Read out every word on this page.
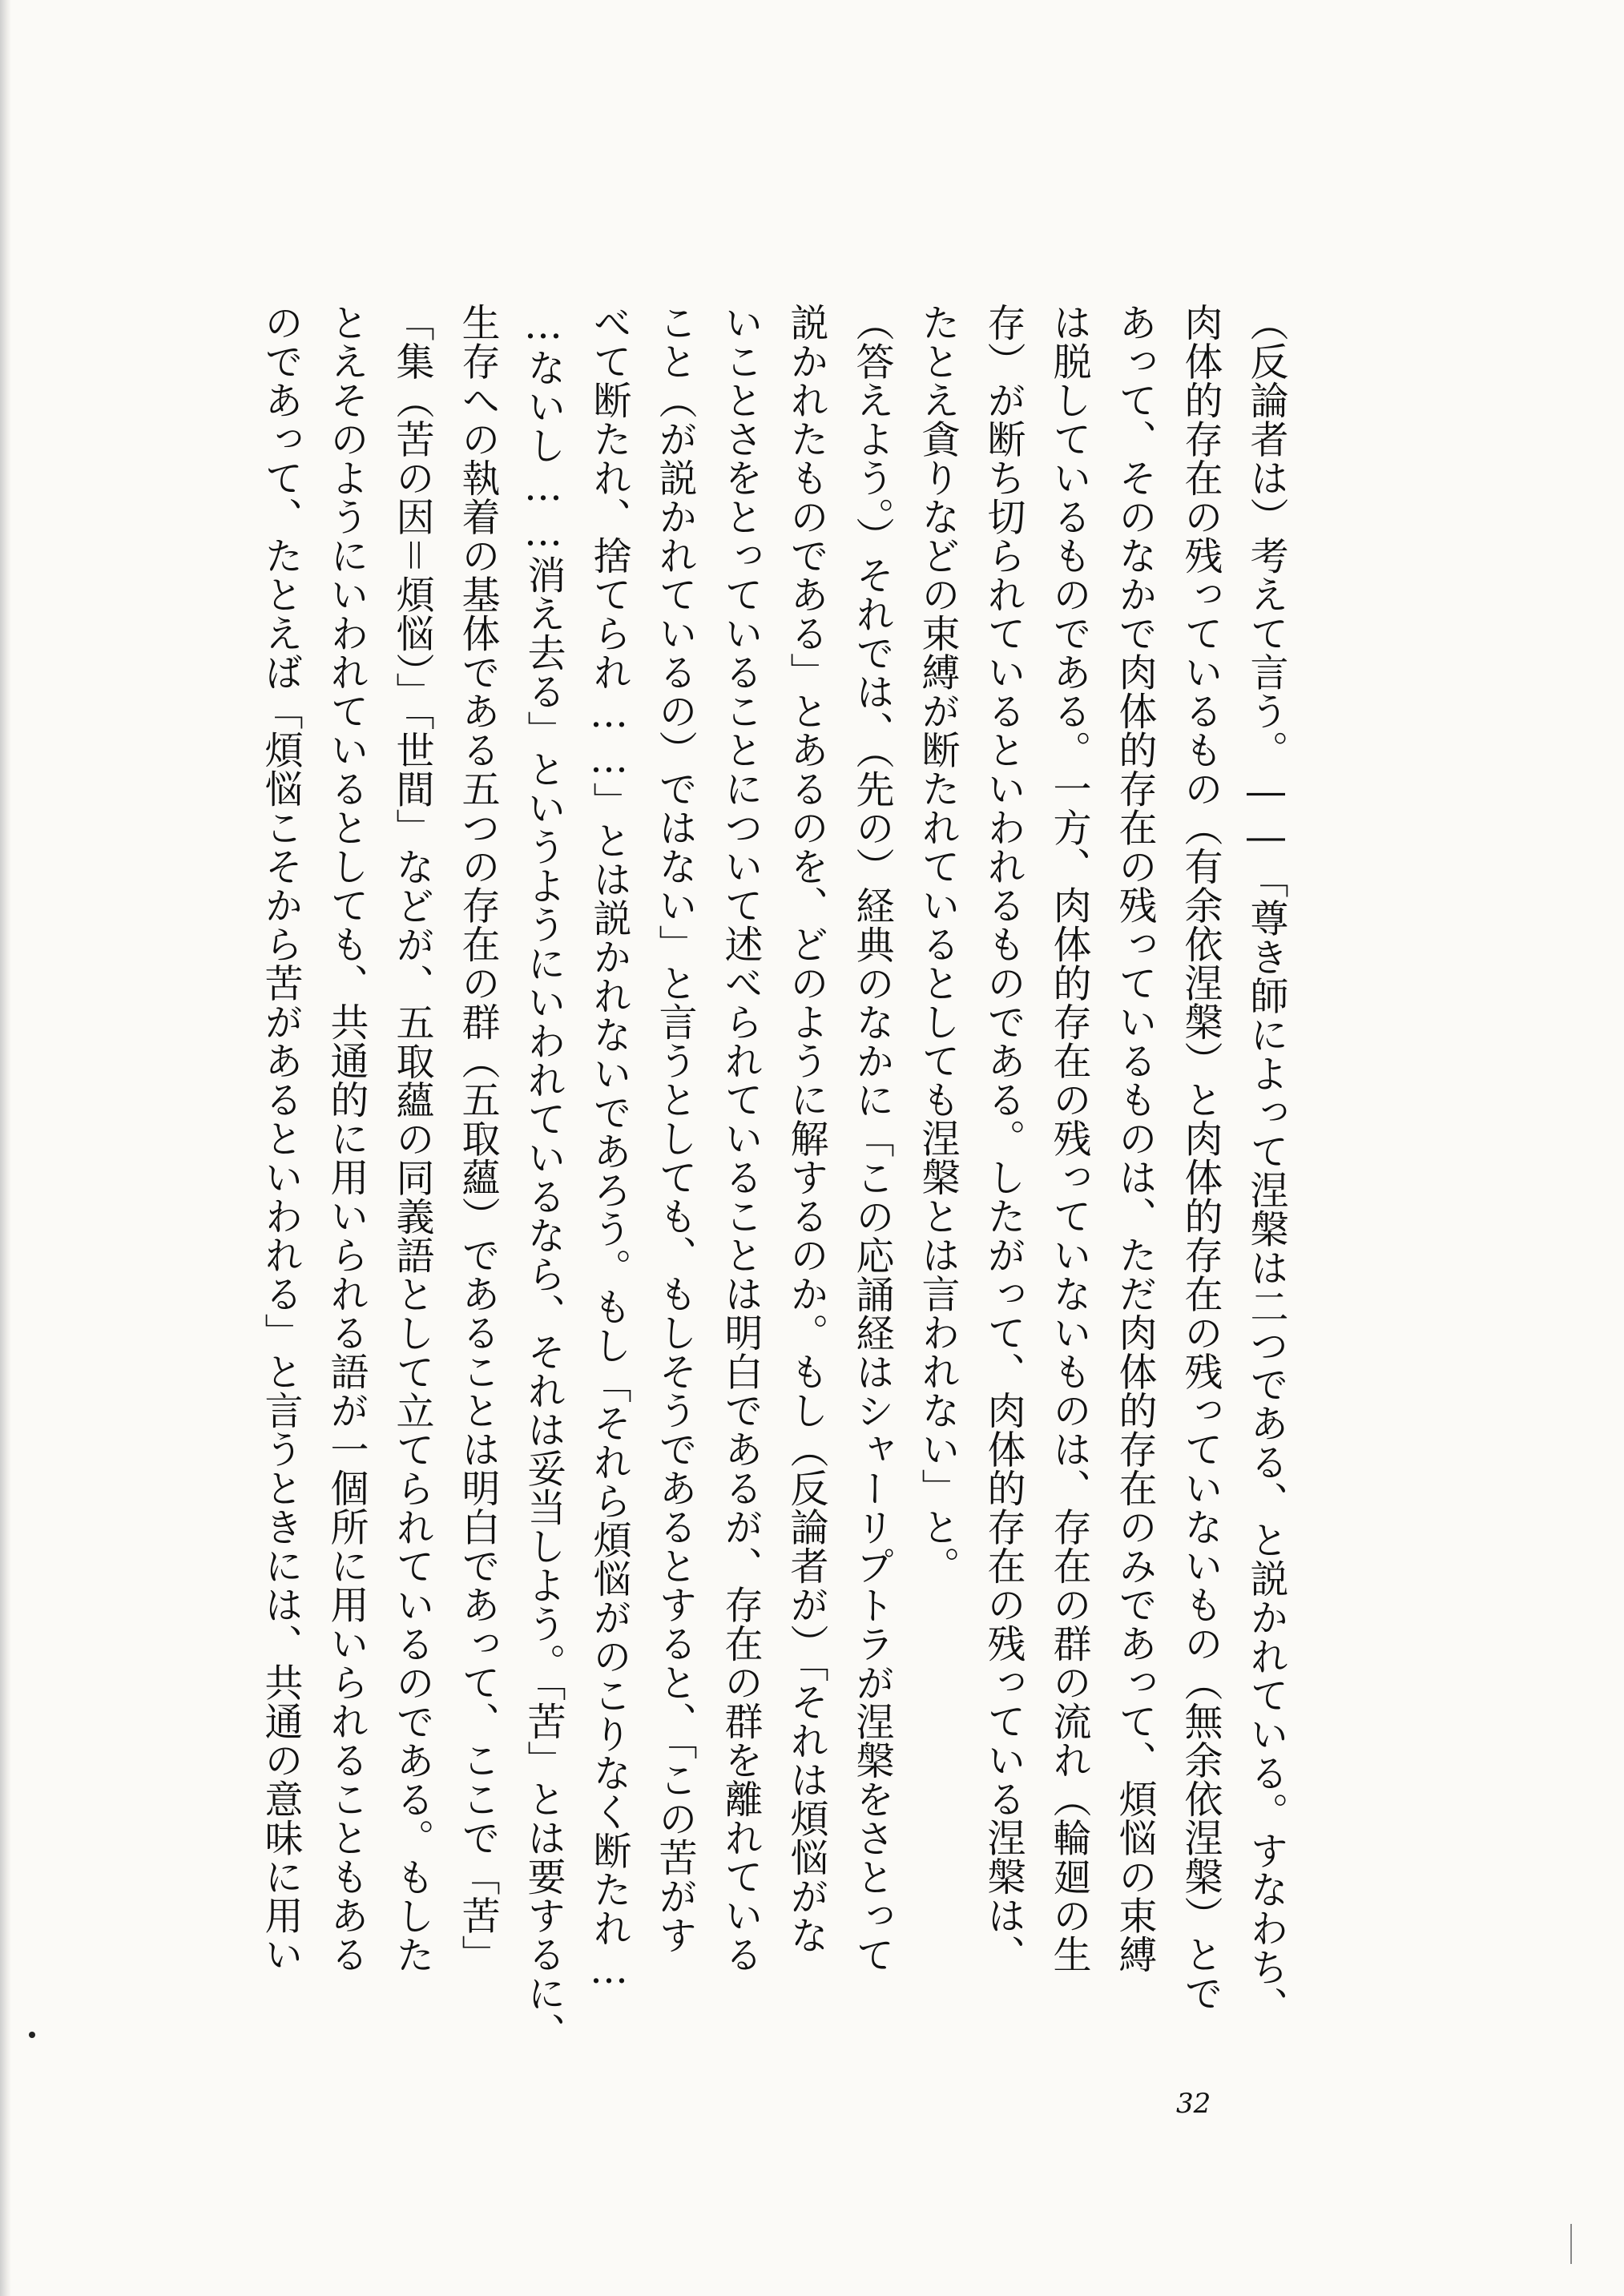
（反論者は）考えて言う。――「尊き師によって涅槃は二つである、と説かれている。すなわち、
肉体的存在の残っているもの（有余依涅槃）と肉体的存在の残っていないもの（無余依涅槃）とで
あって、そのなかで肉体的存在の残っているものは、ただ肉体的存在のみであって、煩悩の束縛
は脱しているものである。一方、肉体的存在の残っていないものは、存在の群の流れ（輪廻の生
存）が断ち切られているといわれるものである。したがって、肉体的存在の残っている涅槃は、
たとえ貪りなどの束縛が断たれているとしても涅槃とは言われない」と。
（答えよう。）それでは、（先の）経典のなかに「この応誦経はシャーリプトラが涅槃をさとって
説かれたものである」とあるのを、どのように解するのか。もし（反論者が）「それは煩悩がな
いことさをとっていることについて述べられていることは明白であるが、存在の群を離れている
こと（が説かれているの）ではない」と言うとしても、もしそうであるとすると、「この苦がす
べて断たれ、捨てられ……」とは説かれないであろう。もし「それら煩悩がのこりなく断たれ…
…ないし……消え去る」というようにいわれているなら、それは妥当しよう。「苦」とは要するに、
生存への執着の基体である五つの存在の群（五取蘊）であることは明白であって、ここで「苦」
「集（苦の因＝煩悩）」「世間」などが、五取蘊の同義語として立てられているのである。もした
とえそのようにいわれているとしても、共通的に用いられる語が一個所に用いられることもある
のであって、たとえば「煩悩こそから苦があるといわれる」と言うときには、共通の意味に用い
32
